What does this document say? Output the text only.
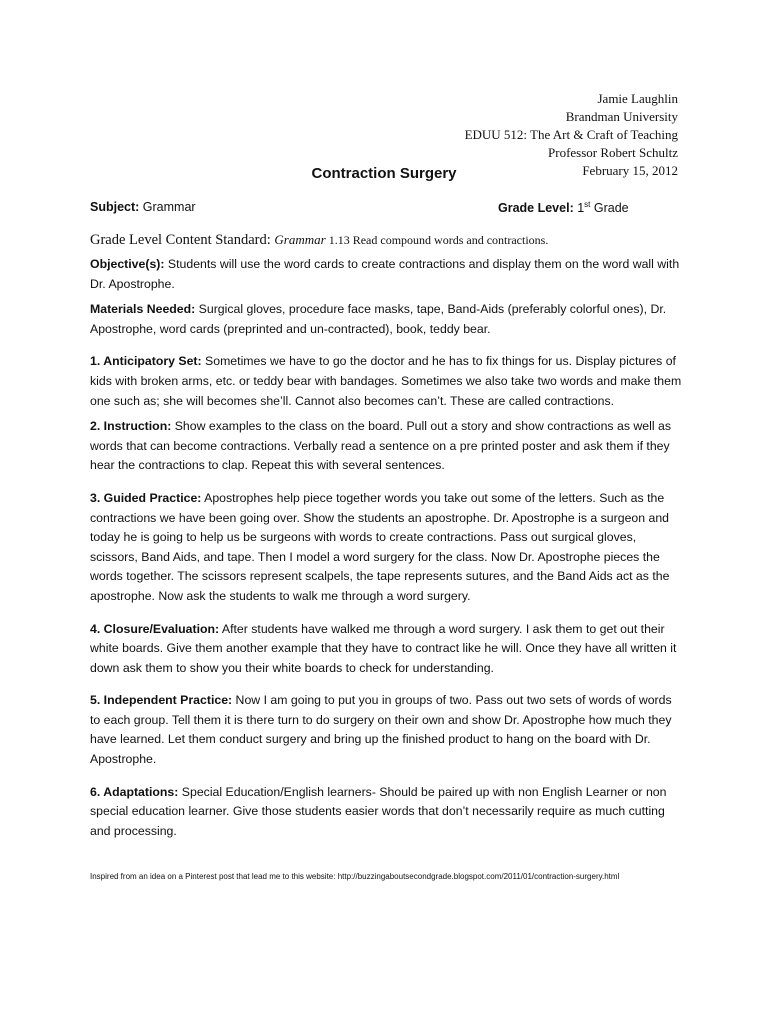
Jamie Laughlin
Brandman University
EDUU 512: The Art & Craft of Teaching
Professor Robert Schultz
February 15, 2012
Contraction Surgery
Subject: Grammar	Grade Level: 1st Grade
Grade Level Content Standard: Grammar 1.13 Read compound words and contractions.

Objective(s): Students will use the word cards to create contractions and display them on the word wall with Dr. Apostrophe.

Materials Needed: Surgical gloves, procedure face masks, tape, Band-Aids (preferably colorful ones), Dr. Apostrophe, word cards (preprinted and un-contracted), book, teddy bear.

1. Anticipatory Set: Sometimes we have to go the doctor and he has to fix things for us. Display pictures of kids with broken arms, etc. or teddy bear with bandages. Sometimes we also take two words and make them one such as; she will becomes she’ll. Cannot also becomes can’t. These are called contractions.

2. Instruction: Show examples to the class on the board. Pull out a story and show contractions as well as words that can become contractions. Verbally read a sentence on a pre printed poster and ask them if they hear the contractions to clap. Repeat this with several sentences.

3. Guided Practice: Apostrophes help piece together words you take out some of the letters. Such as the contractions we have been going over. Show the students an apostrophe. Dr. Apostrophe is a surgeon and today he is going to help us be surgeons with words to create contractions. Pass out surgical gloves, scissors, Band Aids, and tape. Then I model a word surgery for the class. Now Dr. Apostrophe pieces the words together. The scissors represent scalpels, the tape represents sutures, and the Band Aids act as the apostrophe. Now ask the students to walk me through a word surgery.

4. Closure/Evaluation: After students have walked me through a word surgery. I ask them to get out their white boards. Give them another example that they have to contract like he will. Once they have all written it down ask them to show you their white boards to check for understanding.

5. Independent Practice: Now I am going to put you in groups of two. Pass out two sets of words of words to each group. Tell them it is there turn to do surgery on their own and show Dr. Apostrophe how much they have learned. Let them conduct surgery and bring up the finished product to hang on the board with Dr. Apostrophe.

6. Adaptations: Special Education/English learners- Should be paired up with non English Learner or non special education learner. Give those students easier words that don’t necessarily require as much cutting and processing.

Inspired from an idea on a Pinterest post that lead me to this website: http://buzzingaboutsecondgrade.blogspot.com/2011/01/contraction-surgery.html
